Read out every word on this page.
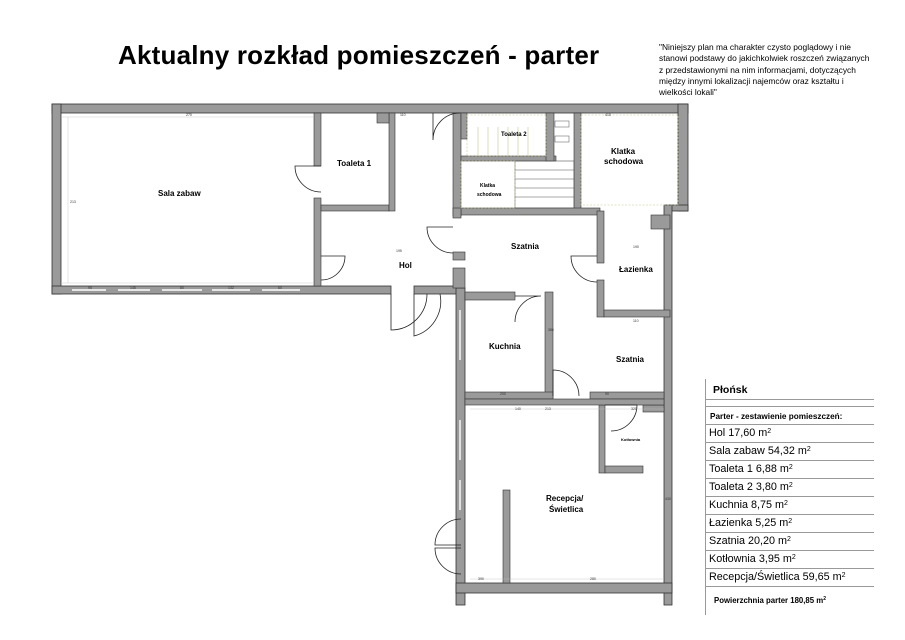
Aktualny rozkład pomieszczeń - parter	"Niniejszy plan ma charakter czysto poglądowy i nie stanowi podstawy do jakichkolwiek roszczeń związanych z przedstawionymi na nim informacjami, dotyczących między innymi lokalizacji najemców oraz kształtu i wielkości lokali"
270
95	145	80	132	60
110	410
213
200
280
110
190
213
386
430
390
195
140
90
320
Sala zabaw
Toaleta 1
Toaleta 2
Hol
Klatka
schodowa
Klatka
schodowa
Szatnia
Łazienka
Kuchnia
Szatnia
Kotłownia
Recepcja/
Świetlica
Płońsk
Parter - zestawienie pomieszczeń:
Hol 17,60 $m^2$
Sala zabaw 54,32 $m^2$
Toaleta 1 6,88 $m^2$
Toaleta 2 3,80 $m^2$
Kuchnia 8,75 $m^2$
Łazienka 5,25 $m^2$
Szatnia 20,20 $m^2$
Kotłownia 3,95 $m^2$
Recepcja/Świetlica 59,65 $m^2$
Powierzchnia parter 180,85 $m^2$
